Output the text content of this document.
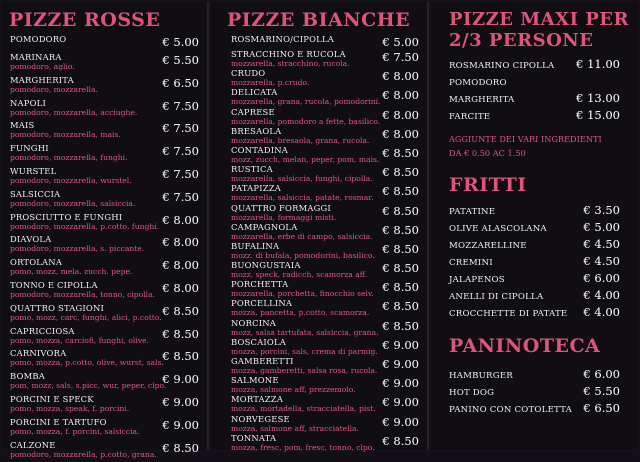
PIZZE ROSSE
POMODORO	€ 5.00
MARINARA
pomodoro, aglio.	€ 5.50
MARGHERITA
pomodoro, mozzarella.	€ 6.50
NAPOLI
pomodoro, mozzarella, acciughe.	€ 7.50
MAIS
pomodoro, mozzarella, mais.	€ 7.50
FUNGHI
pomodoro, mozzarella, funghi.	€ 7.50
WURSTEL
pomodoro, mozzarella, wurstel.	€ 7.50
SALSICCIA
pomodoro, mozzarella, salsiccia.	€ 7.50
PROSCIUTTO E FUNGHI
pomodoro, mozzarella, p.cotto, funghi. € 8.00
DIAVOLA
pomodoro, mozzarella, s. piccante.	€ 8.00
ORTOLANA
pomo, mozz, mela. zucch. pepe.	€ 8.00
TONNO E CIPOLLA
pomodoro, mozzarella, tonno, cipolla. € 8.00
QUATTRO STAGIONI
pomo, mozz, carc, funghi, alici, p.cotto. € 8.50
CAPRICCIOSA
pomo, mozza, carciofi, funghi, olive.	€ 8.50
CARNIVORA
pomo, mozza, p.cotto, olive, wurst, sals.
€ 8.50
BOMBA
pom, mozz, sals, s.picc, wur, peper, clpo.
€ 9.00
PORCINI E SPECK
pomo, mozza, speak, f. porcini.	€ 9.00
PORCINI E TARTUFO
pomo, mozza, f. porcini, salsiccia.	€ 9.00
CALZONE
pomodoro, mozzarella, p.cotto, grana. € 8.50
PIZZE BIANCHE
ROSMARINO/CIPOLLA	€ 5.00
STRACCHINO E RUCOLA
mozzarella, stracchino, rucola.	€ 7.50
CRUDO
mozzarella, p.crudo.	€ 8.00
DELICATA
mozzarella, grana, rucola, pomodorini. € 8.00
CAPRESE
mozzarella, pomodoro a fette, basilico. € 8.00
BRESAOLA
mozzarella, bresaola, grana, rucola.	€ 8.00
CONTADINA
mozz, zucch, melan, peper, pom, mais. € 8.50
RUSTICA
mozzarella, salsiccia, funghi, cipolla. € 8.50
PATAPIZZA
mozzarella, salsiccia, patate, rosmar. € 8.50
QUATTRO FORMAGGI
mozzarella, formaggi misti.	€ 8.50
CAMPAGNOLA
mozzarella, erbe di campo, salsiccia. € 8.50
BUFALINA
mozz. di bufala, pomodorini, basilico. € 8.50
BUONGUSTAIA
mozz, speck, radicch, scamorza aff.	€ 8.50
PORCHETTA
mozzarella, porchetta, finocchio selv. € 8.50
PORCELLINA
mozza, pancetta, p.cotto, scamorza.	€ 8.50
NORCINA
mozz, salsa tartufata, salsiccia, grana. € 8.50
BOSCAIOLA
mozza, porcini, sals, crema di parmig. € 9.00
GAMBERETTI
mozza, gamberetti, salsa rosa, rucola. € 9.00
SALMONE
mozza, salmone aff, prezzemolo.	€ 9.00
MORTAZZA
mozza, mortadella, stracciatella, pist. € 9.00
NORVEGESE
mozza, salmone aff, stracciatella.	€ 9.00
TONNATA
mozza, fresc, pom, fresc, tonno, clpo. € 8.50
PIZZE MAXI PER
2/3 PERSONE
ROSMARINO CIPOLLA	€ 11.00
POMODORO
MARGHERITA	€ 13.00
FARCITE	€ 15.00
AGGIUNTE DEI VARI INGREDIENTI
DA € 0.50 AC 1.50
FRITTI
PATATINE	€ 3.50
OLIVE ALASCOLANA	€ 5.00
MOZZARELLINE	€ 4.50
CREMINI	€ 4.50
JALAPENOS	€ 6.00
ANELLI DI CIPOLLA	€ 4.00
CROCCHETTE DI PATATE	€ 4.00
PANINOTECA
HAMBURGER	€ 6.00
HOT DOG	€ 5.50
PANINO CON COTOLETTA € 6.50
